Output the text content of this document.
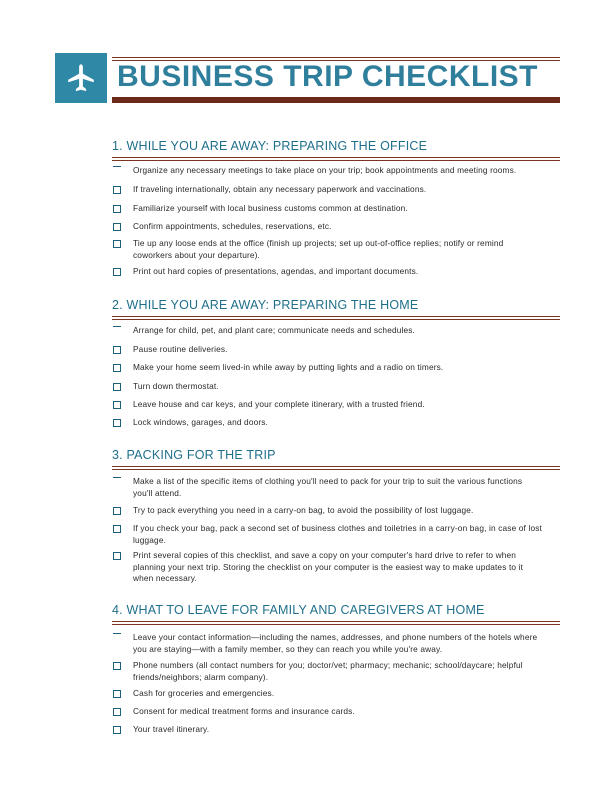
BUSINESS TRIP CHECKLIST
1. WHILE YOU ARE AWAY: PREPARING THE OFFICE
Organize any necessary meetings to take place on your trip; book appointments and meeting rooms.
If traveling internationally, obtain any necessary paperwork and vaccinations.
Familiarize yourself with local business customs common at destination.
Confirm appointments, schedules, reservations, etc.
Tie up any loose ends at the office (finish up projects; set up out-of-office replies; notify or remind coworkers about your departure).
Print out hard copies of presentations, agendas, and important documents.
2. WHILE YOU ARE AWAY: PREPARING THE HOME
Arrange for child, pet, and plant care; communicate needs and schedules.
Pause routine deliveries.
Make your home seem lived-in while away by putting lights and a radio on timers.
Turn down thermostat.
Leave house and car keys, and your complete itinerary, with a trusted friend.
Lock windows, garages, and doors.
3. PACKING FOR THE TRIP
Make a list of the specific items of clothing you'll need to pack for your trip to suit the various functions you'll attend.
Try to pack everything you need in a carry-on bag, to avoid the possibility of lost luggage.
If you check your bag, pack a second set of business clothes and toiletries in a carry-on bag, in case of lost luggage.
Print several copies of this checklist, and save a copy on your computer's hard drive to refer to when planning your next trip. Storing the checklist on your computer is the easiest way to make updates to it when necessary.
4. WHAT TO LEAVE FOR FAMILY AND CAREGIVERS AT HOME
Leave your contact information—including the names, addresses, and phone numbers of the hotels where you are staying—with a family member, so they can reach you while you're away.
Phone numbers (all contact numbers for you; doctor/vet; pharmacy; mechanic; school/daycare; helpful friends/neighbors; alarm company).
Cash for groceries and emergencies.
Consent for medical treatment forms and insurance cards.
Your travel itinerary.
